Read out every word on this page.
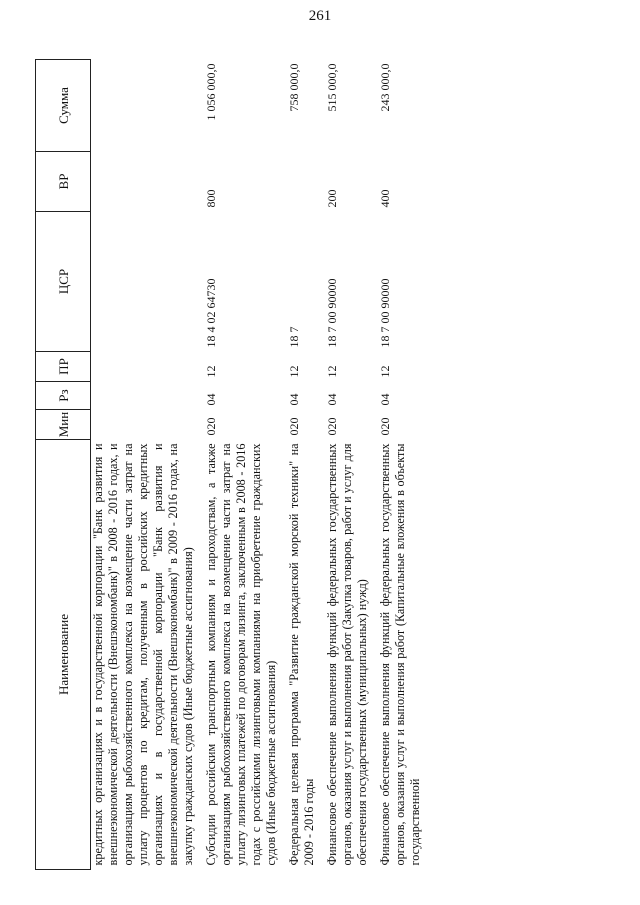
261
Наименование	Мин	Рз	ПР	ЦСР	ВР	Сумма
кредитных организациях и в государственной корпорации "Банк развития и внешнеэкономической деятельности (Внешэкономбанк)" в 2008 - 2016 годах, и организациям рыбохозяйственного комплекса на возмещение части затрат на уплату процентов по кредитам, полученным в российских кредитных организациях и в государственной корпорации "Банк развития и внешнеэкономической деятельности (Внешэкономбанк)" в 2009 - 2016 годах, на закупку гражданских судов (Иные бюджетные ассигнования)						
Субсидии российским транспортным компаниям и пароходствам, а также организациям рыбохозяйственного комплекса на возмещение части затрат на уплату лизинговых платежей по договорам лизинга, заключенным в 2008 - 2016 годах с российскими лизинговыми компаниями на приобретение гражданских судов (Иные бюджетные ассигнования)	020	04	12	18 4 02 64730	800	1 056 000,0
Федеральная целевая программа "Развитие гражданской морской техники" на 2009 - 2016 годы	020	04	12	18 7		758 000,0
Финансовое обеспечение выполнения функций федеральных государственных органов, оказания услуг и выполнения работ (Закупка товаров, работ и услуг для обеспечения государственных (муниципальных) нужд)	020	04	12	18 7 00 90000	200	515 000,0
Финансовое обеспечение выполнения функций федеральных государственных органов, оказания услуг и выполнения работ (Капитальные вложения в объекты государственной	020	04	12	18 7 00 90000	400	243 000,0
